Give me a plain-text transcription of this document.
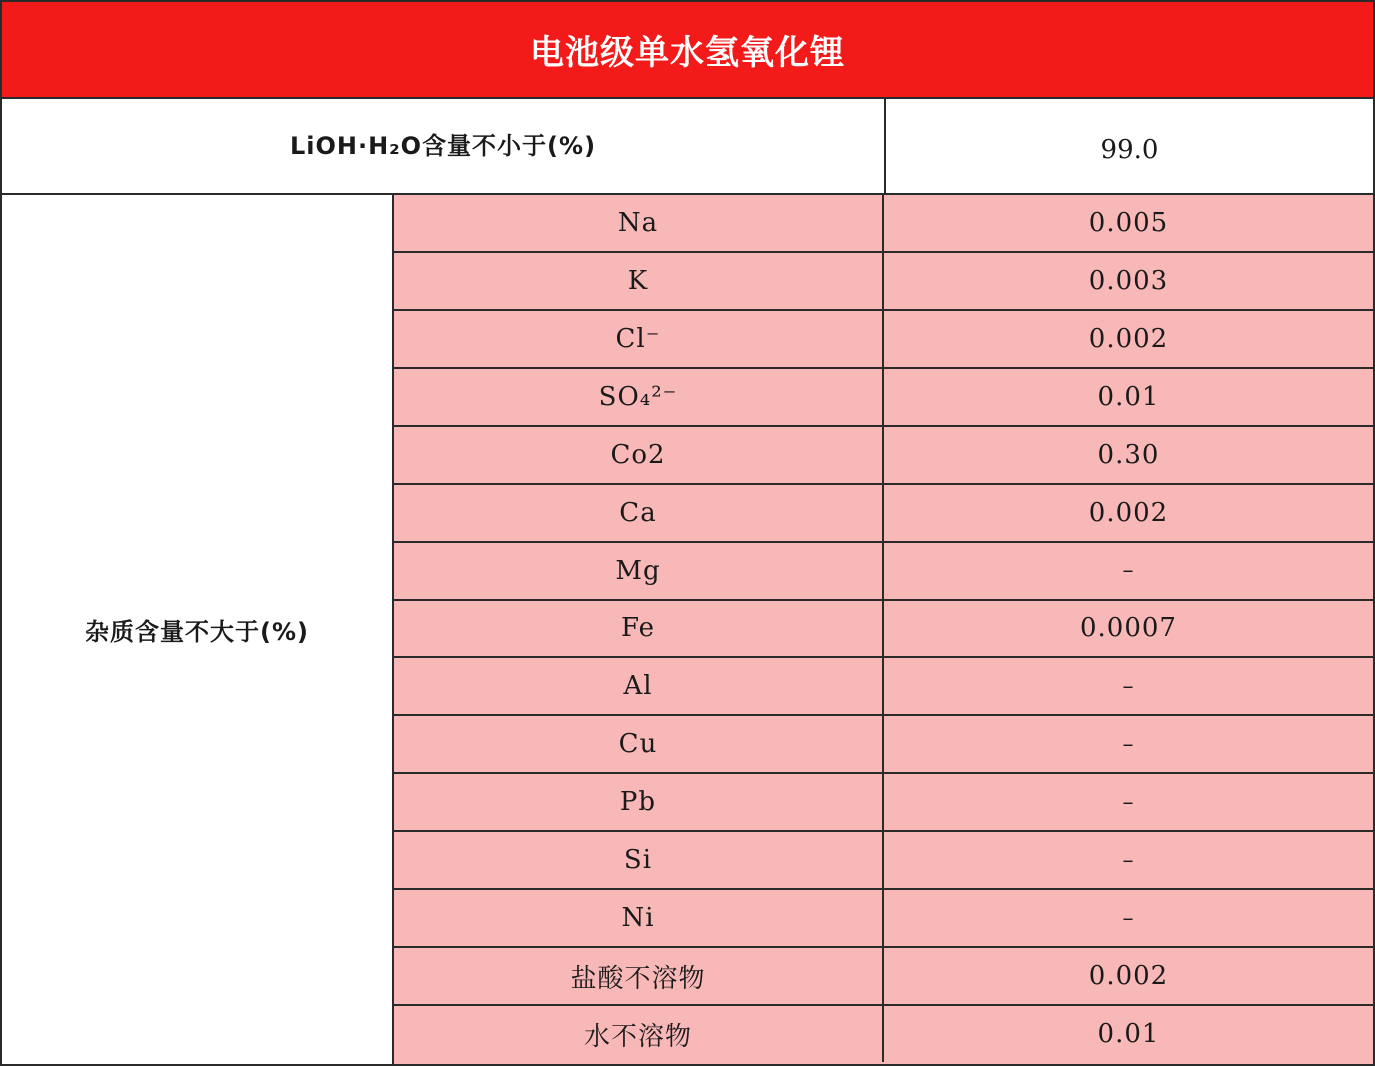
电池级单水氢氧化锂
LiOH·H₂O含量不小于(%)	99.0
杂质含量不大于(%)
Na	0.005
K	0.003
Cl⁻	0.002
SO₄²⁻	0.01
Co2	0.30
Ca	0.002
Mg	–
Fe	0.0007
Al	–
Cu	–
Pb	–
Si	–
Ni	–
盐酸不溶物	0.002
水不溶物	0.01
